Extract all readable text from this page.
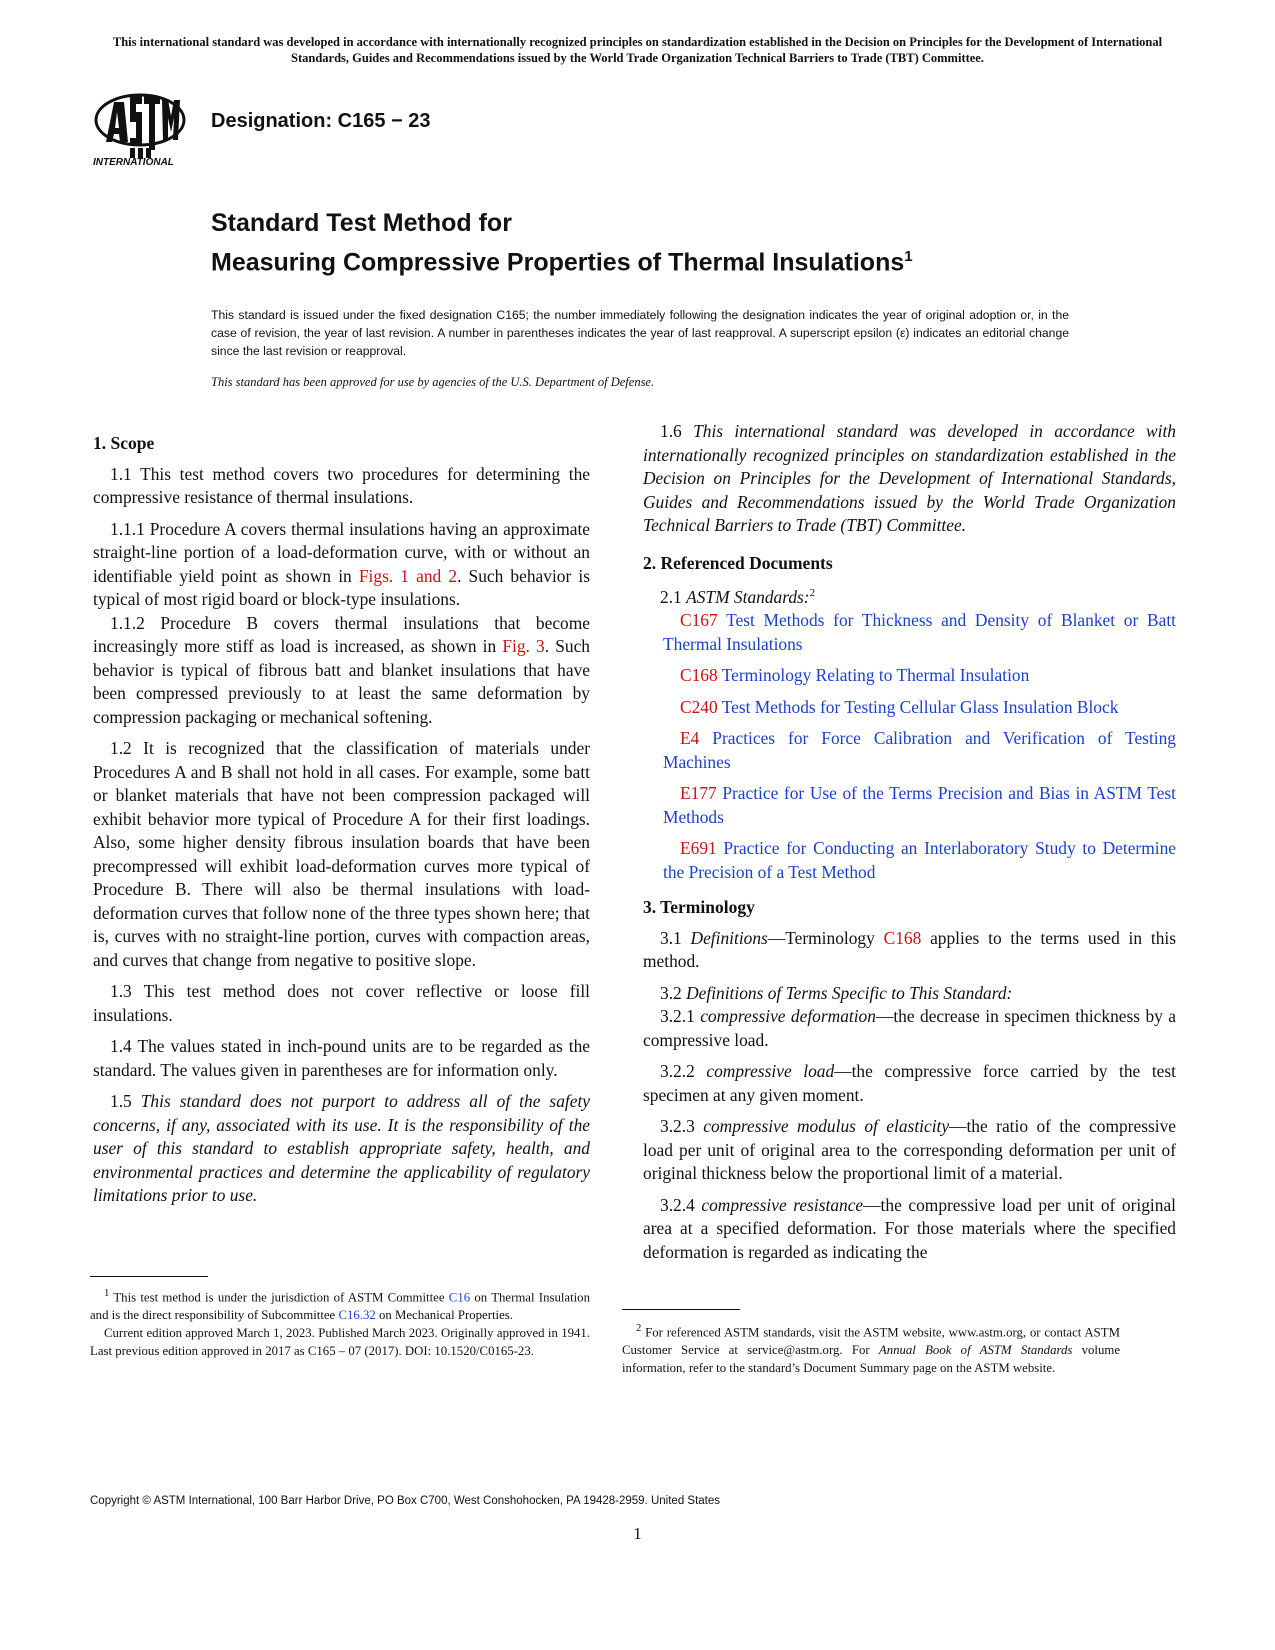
This international standard was developed in accordance with internationally recognized principles on standardization established in the Decision on Principles for the Development of International Standards, Guides and Recommendations issued by the World Trade Organization Technical Barriers to Trade (TBT) Committee.
INTERNATIONAL
Designation: C165 − 23
Standard Test Method for
Measuring Compressive Properties of Thermal Insulations$^1$
This standard is issued under the fixed designation C165; the number immediately following the designation indicates the year of original adoption or, in the case of revision, the year of last revision. A number in parentheses indicates the year of last reapproval. A superscript epsilon (ε) indicates an editorial change since the last revision or reapproval.
This standard has been approved for use by agencies of the U.S. Department of Defense.
1. Scope

1.1 This test method covers two procedures for determining the compressive resistance of thermal insulations.

1.1.1 Procedure A covers thermal insulations having an approximate straight-line portion of a load-deformation curve, with or without an identifiable yield point as shown in Figs. 1 and 2. Such behavior is typical of most rigid board or block-type insulations.

1.1.2 Procedure B covers thermal insulations that become increasingly more stiff as load is increased, as shown in Fig. 3. Such behavior is typical of fibrous batt and blanket insulations that have been compressed previously to at least the same deformation by compression packaging or mechanical softening.

1.2 It is recognized that the classification of materials under Procedures A and B shall not hold in all cases. For example, some batt or blanket materials that have not been compression packaged will exhibit behavior more typical of Procedure A for their first loadings. Also, some higher density fibrous insulation boards that have been precompressed will exhibit load-deformation curves more typical of Procedure B. There will also be thermal insulations with load-deformation curves that follow none of the three types shown here; that is, curves with no straight-line portion, curves with compaction areas, and curves that change from negative to positive slope.

1.3 This test method does not cover reflective or loose fill insulations.

1.4 The values stated in inch-pound units are to be regarded as the standard. The values given in parentheses are for information only.

1.5 This standard does not purport to address all of the safety concerns, if any, associated with its use. It is the responsibility of the user of this standard to establish appropriate safety, health, and environmental practices and determine the applicability of regulatory limitations prior to use.

1.6 This international standard was developed in accordance with internationally recognized principles on standardization established in the Decision on Principles for the Development of International Standards, Guides and Recommendations issued by the World Trade Organization Technical Barriers to Trade (TBT) Committee.

2. Referenced Documents

2.1 ASTM Standards:$^2$

C167 Test Methods for Thickness and Density of Blanket or Batt Thermal Insulations

C168 Terminology Relating to Thermal Insulation

C240 Test Methods for Testing Cellular Glass Insulation Block

E4 Practices for Force Calibration and Verification of Testing Machines

E177 Practice for Use of the Terms Precision and Bias in ASTM Test Methods

E691 Practice for Conducting an Interlaboratory Study to Determine the Precision of a Test Method

3. Terminology

3.1 Definitions—Terminology C168 applies to the terms used in this method.

3.2 Definitions of Terms Specific to This Standard:

3.2.1 compressive deformation—the decrease in specimen thickness by a compressive load.

3.2.2 compressive load—the compressive force carried by the test specimen at any given moment.

3.2.3 compressive modulus of elasticity—the ratio of the compressive load per unit of original area to the corresponding deformation per unit of original thickness below the proportional limit of a material.

3.2.4 compressive resistance—the compressive load per unit of original area at a specified deformation. For those materials where the specified deformation is regarded as indicating the

$^1$ This test method is under the jurisdiction of ASTM Committee C16 on Thermal Insulation and is the direct responsibility of Subcommittee C16.32 on Mechanical Properties.

Current edition approved March 1, 2023. Published March 2023. Originally approved in 1941. Last previous edition approved in 2017 as C165 – 07 (2017). DOI: 10.1520/C0165-23.

$^2$ For referenced ASTM standards, visit the ASTM website, www.astm.org, or contact ASTM Customer Service at service@astm.org. For Annual Book of ASTM Standards volume information, refer to the standard’s Document Summary page on the ASTM website.

Copyright © ASTM International, 100 Barr Harbor Drive, PO Box C700, West Conshohocken, PA 19428-2959. United States
1
